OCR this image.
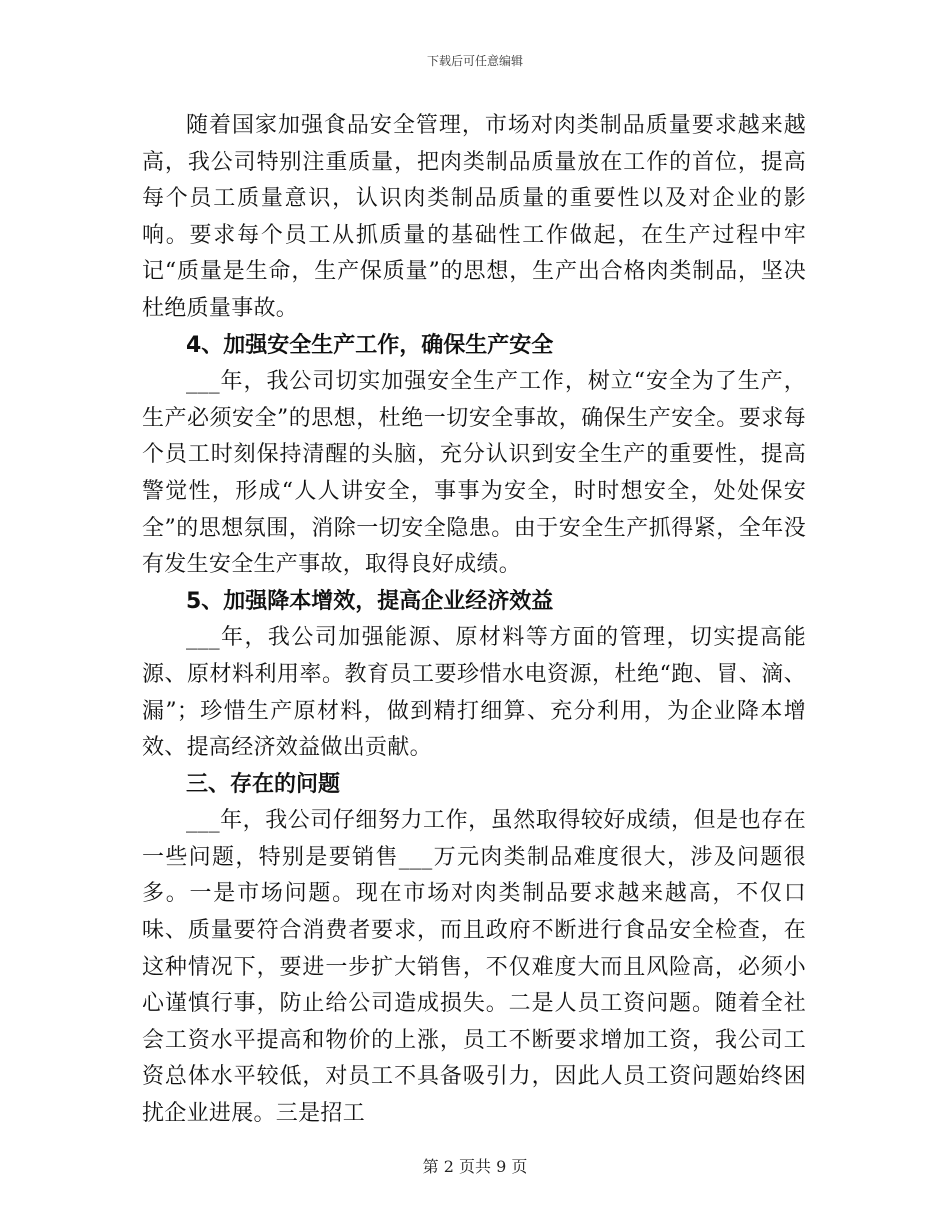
下载后可任意编辑

随着国家加强食品安全管理，市场对肉类制品质量要求越来越高，我公司特别注重质量，把肉类制品质量放在工作的首位，提高每个员工质量意识，认识肉类制品质量的重要性以及对企业的影响。要求每个员工从抓质量的基础性工作做起，在生产过程中牢记“质量是生命，生产保质量”的思想，生产出合格肉类制品，坚决杜绝质量事故。

4、加强安全生产工作，确保生产安全

___年，我公司切实加强安全生产工作，树立“安全为了生产，生产必须安全”的思想，杜绝一切安全事故，确保生产安全。要求每个员工时刻保持清醒的头脑，充分认识到安全生产的重要性，提高警觉性，形成“人人讲安全，事事为安全，时时想安全，处处保安全”的思想氛围，消除一切安全隐患。由于安全生产抓得紧，全年没有发生安全生产事故，取得良好成绩。

5、加强降本增效，提高企业经济效益

___年，我公司加强能源、原材料等方面的管理，切实提高能源、原材料利用率。教育员工要珍惜水电资源，杜绝“跑、冒、滴、漏”；珍惜生产原材料，做到精打细算、充分利用，为企业降本增效、提高经济效益做出贡献。

三、存在的问题

___年，我公司仔细努力工作，虽然取得较好成绩，但是也存在一些问题，特别是要销售___万元肉类制品难度很大，涉及问题很多。一是市场问题。现在市场对肉类制品要求越来越高，不仅口味、质量要符合消费者要求，而且政府不断进行食品安全检查，在这种情况下，要进一步扩大销售，不仅难度大而且风险高，必须小心谨慎行事，防止给公司造成损失。二是人员工资问题。随着全社会工资水平提高和物价的上涨，员工不断要求增加工资，我公司工资总体水平较低，对员工不具备吸引力，因此人员工资问题始终困扰企业进展。三是招工

第 2 页共 9 页
